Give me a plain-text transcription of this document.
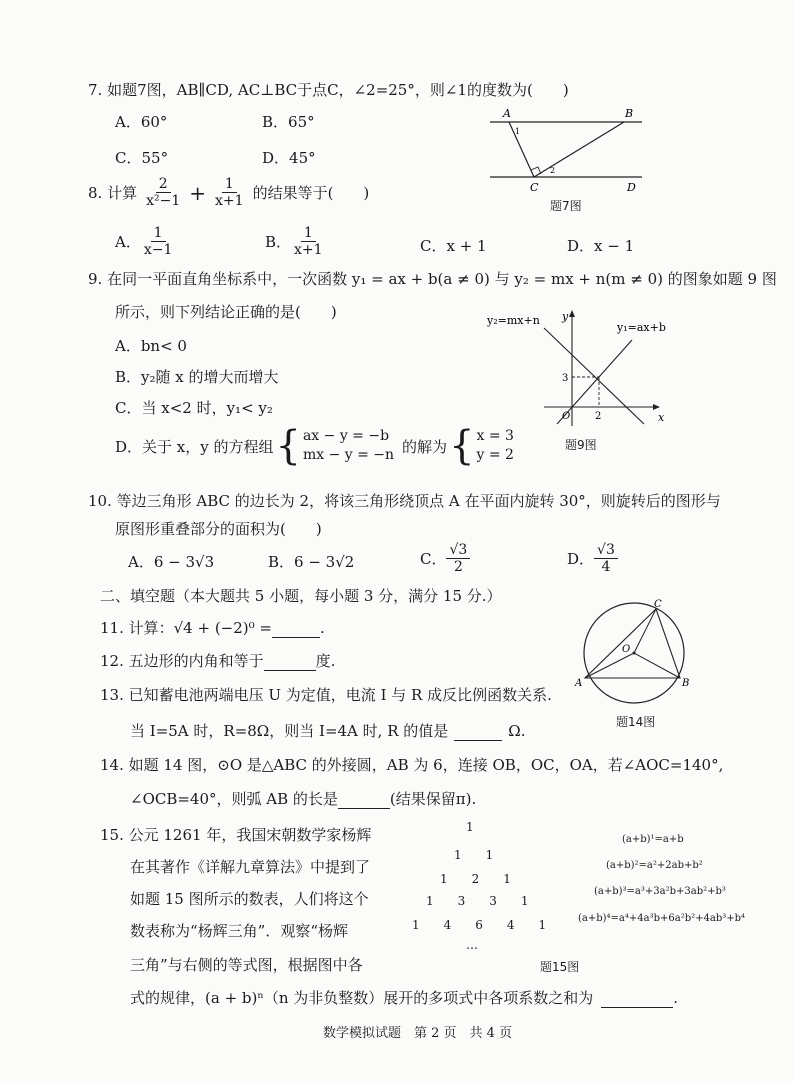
7. 如题7图，AB∥CD, AC⊥BC于点C，∠2=25°，则∠1的度数为(　　)
A．60°	B．65°
C．55°	D．45°
A	B
C	D
1
2
题7图
8. 计算 $\frac{2}{\text{x²−1}} + \frac{1}{x+1}$ 的结果等于(　　)
A． $\frac{1}{x-1}$	B． $\frac{1}{x+1}$	C．x + 1	D．x − 1
9. 在同一平面直角坐标系中，一次函数 y₁ = ax + b(a ≠ 0) 与 y₂ = mx + n(m ≠ 0) 的图象如题 9 图
所示，则下列结论正确的是(　　)
A．bn< 0
B．y₂随 x 的增大而增大
C．当 x<2 时，y₁< y₂
D．关于 x，y 的方程组 { ax − y = −b
mx − y = −n 的解为 { x = 3
y = 2
y₂=mx+n
y₁=ax+b
y
x
3
2
O
题9图
10. 等边三角形 ABC 的边长为 2，将该三角形绕顶点 A 在平面内旋转 30°，则旋转后的图形与
原图形重叠部分的面积为(　　)
A．6 − 3√3	B．6 − 3√2	C． $\frac{√3}{2}$	D． $\frac{√3}{4}$
二、填空题（本大题共 5 小题，每小题 3 分，满分 15 分.）
11. 计算：√4 + (−2)⁰ =	.
12. 五边形的内角和等于	度.
13. 已知蓄电池两端电压 U 为定值，电流 I 与 R 成反比例函数关系.
当 I=5A 时，R=8Ω，则当 I=4A 时, R 的值是	Ω.
A	B
C
O
题14图
14. 如题 14 图，⊙O 是△ABC 的外接圆，AB 为 6，连接 OB，OC，OA，若∠AOC=140°,
∠OCB=40°，则弧 AB 的长是	(结果保留π).
15. 公元 1261 年，我国宋朝数学家杨辉
在其著作《详解九章算法》中提到了
如题 15 图所示的数表，人们将这个
数表称为“杨辉三角”．观察“杨辉
三角”与右侧的等式图，根据图中各
式的规律，(a + b)ⁿ（n 为非负整数）展开的多项式中各项系数之和为	.
1
1　　1
1　　2　　1
1　　3　　3　　1
1　　4　　6　　4　　1
…
(a+b)¹=a+b
(a+b)²=a²+2ab+b²
(a+b)³=a³+3a²b+3ab²+b³
(a+b)⁴=a⁴+4a³b+6a²b²+4ab³+b⁴
题15图
数学模拟试题　第 2 页　共 4 页
